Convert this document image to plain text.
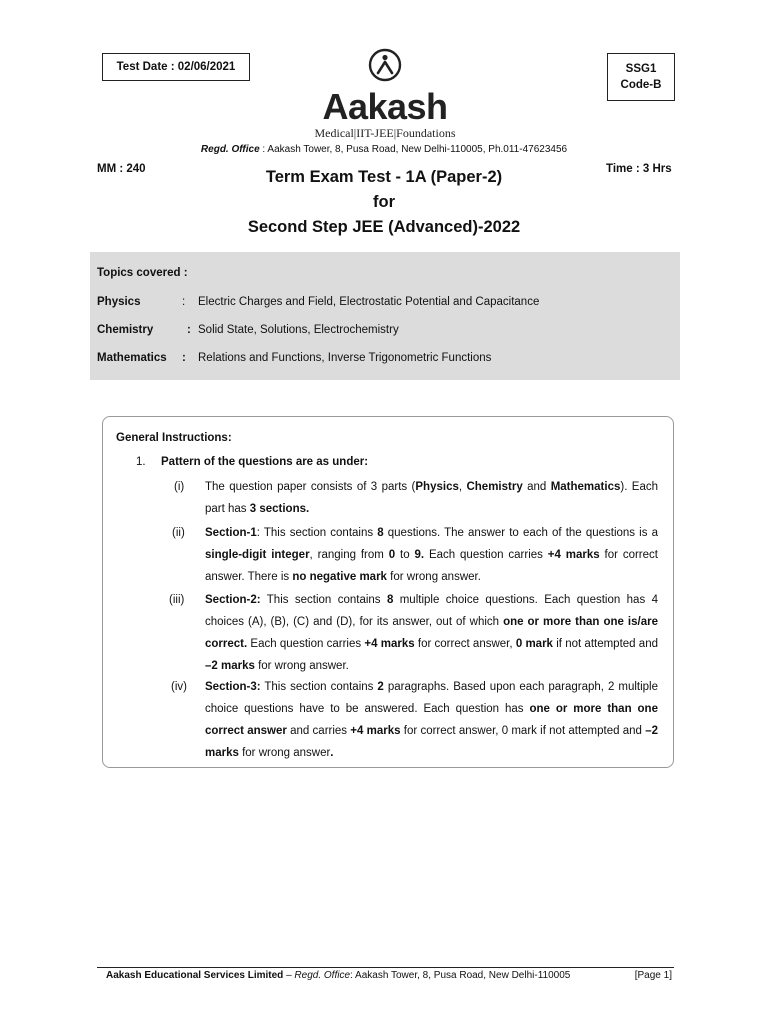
Test Date : 02/06/2021	SSG1
Code-B
Aakash
Medical|IIT-JEE|Foundations
Regd. Office : Aakash Tower, 8, Pusa Road, New Delhi-110005, Ph.011-47623456
MM : 240	Time : 3 Hrs
Term Exam Test - 1A (Paper-2)
for
Second Step JEE (Advanced)-2022
Topics covered :
Physics	: Electric Charges and Field, Electrostatic Potential and Capacitance
Chemistry	: Solid State, Solutions, Electrochemistry
Mathematics : Relations and Functions, Inverse Trigonometric Functions
General Instructions:
1. Pattern of the questions are as under:
(i) The question paper consists of 3 parts (Physics, Chemistry and Mathematics). Each part has 3 sections.
(ii) Section-1: This section contains 8 questions. The answer to each of the questions is a single-digit integer, ranging from 0 to 9. Each question carries +4 marks for correct answer. There is no negative mark for wrong answer.
(iii) Section-2: This section contains 8 multiple choice questions. Each question has 4 choices (A), (B), (C) and (D), for its answer, out of which one or more than one is/are correct. Each question carries +4 marks for correct answer, 0 mark if not attempted and –2 marks for wrong answer.
(iv) Section-3: This section contains 2 paragraphs. Based upon each paragraph, 2 multiple choice questions have to be answered. Each question has one or more than one correct answer and carries +4 marks for correct answer, 0 mark if not attempted and –2 marks for wrong answer.
Aakash Educational Services Limited – Regd. Office: Aakash Tower, 8, Pusa Road, New Delhi-110005	[Page 1]
